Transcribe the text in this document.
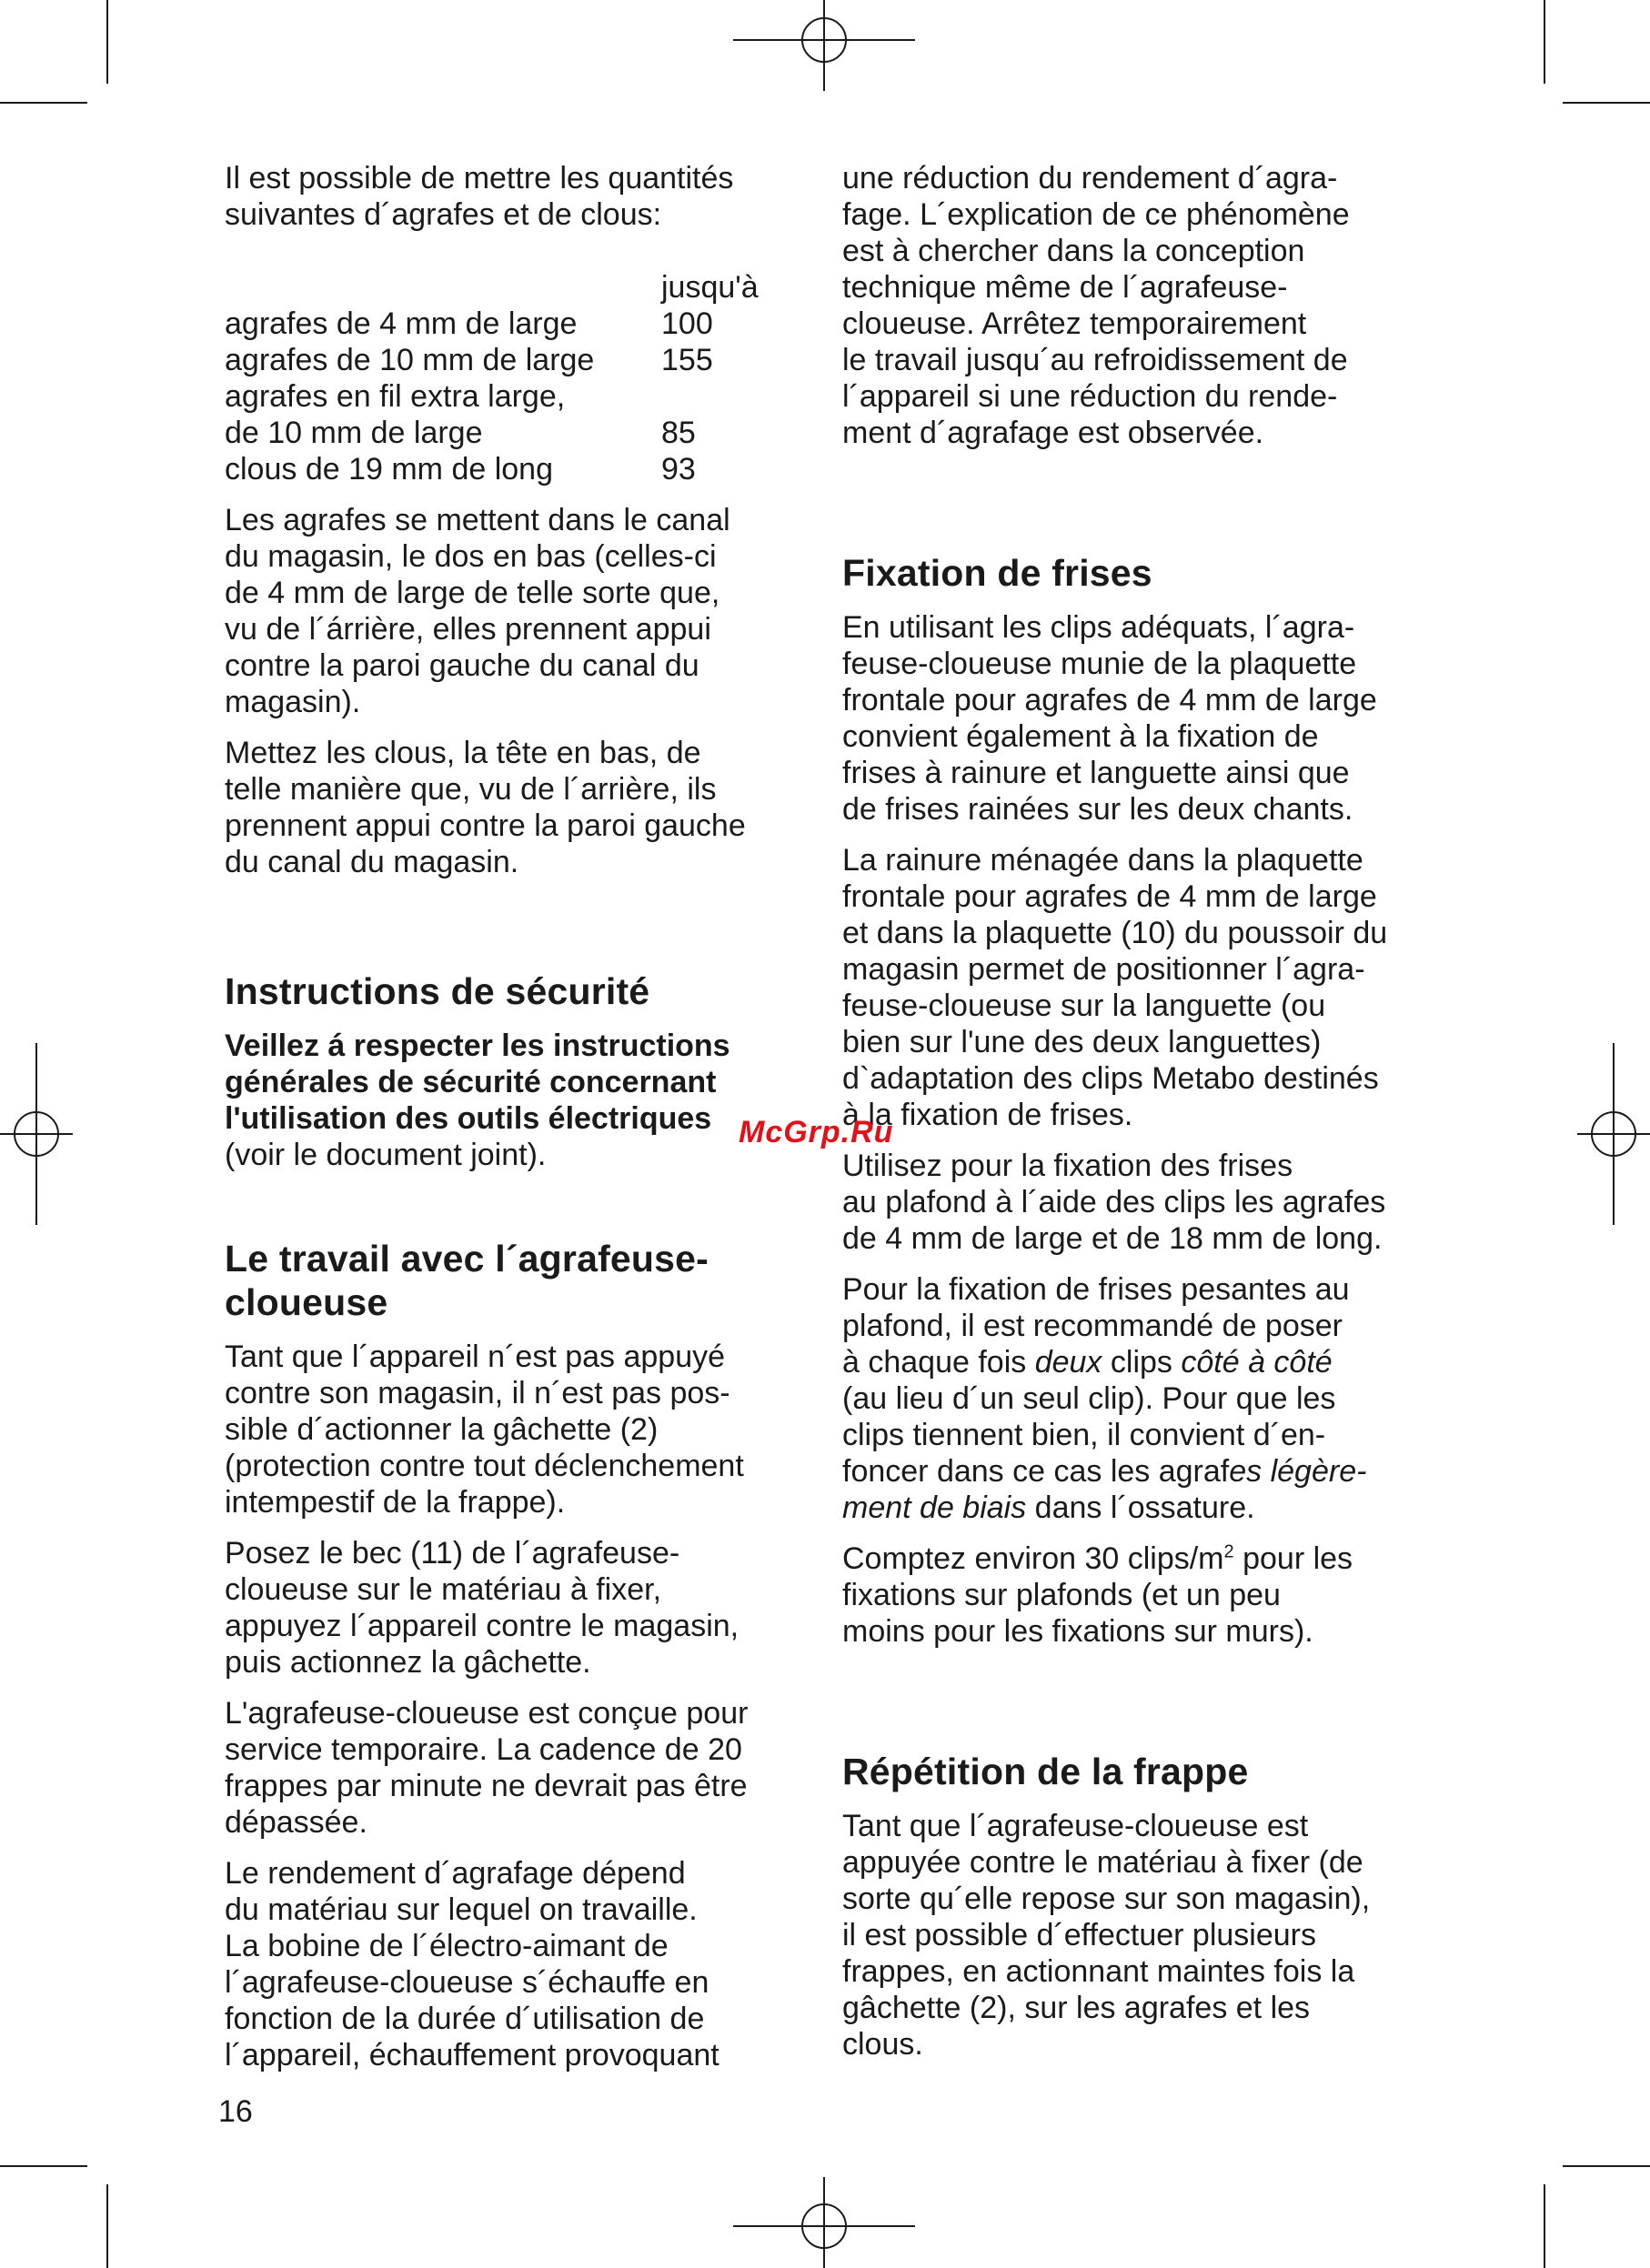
Il est possible de mettre les quantités
suivantes d´agrafes et de clous:

	jusqu'à
agrafes de 4 mm de large	100
agrafes de 10 mm de large	155
agrafes en fil extra large,	
de 10 mm de large	85
clous de 19 mm de long	93

Les agrafes se mettent dans le canal
du magasin, le dos en bas (celles-ci
de 4 mm de large de telle sorte que,
vu de l´árrière, elles prennent appui
contre la paroi gauche du canal du
magasin).

Mettez les clous, la tête en bas, de
telle manière que, vu de l´arrière, ils
prennent appui contre la paroi gauche
du canal du magasin.

Instructions de sécurité

Veillez á respecter les instructions
générales de sécurité concernant
l'utilisation des outils électriques

(voir le document joint).

Le travail avec l´agrafeuse-
cloueuse

Tant que l´appareil n´est pas appuyé
contre son magasin, il n´est pas pos-
sible d´actionner la gâchette (2)
(protection contre tout déclenchement
intempestif de la frappe).

Posez le bec (11) de l´agrafeuse-
cloueuse sur le matériau à fixer,
appuyez l´appareil contre le magasin,
puis actionnez la gâchette.

L'agrafeuse-cloueuse est conçue pour
service temporaire. La cadence de 20
frappes par minute ne devrait pas être
dépassée.

Le rendement d´agrafage dépend
du matériau sur lequel on travaille.
La bobine de l´électro-aimant de
l´agrafeuse-cloueuse s´échauffe en
fonction de la durée d´utilisation de
l´appareil, échauffement provoquant

une réduction du rendement d´agra-
fage. L´explication de ce phénomène
est à chercher dans la conception
technique même de l´agrafeuse-
cloueuse. Arrêtez temporairement
le travail jusqu´au refroidissement de
l´appareil si une réduction du rende-
ment d´agrafage est observée.

Fixation de frises

En utilisant les clips adéquats, l´agra-
feuse-cloueuse munie de la plaquette
frontale pour agrafes de 4 mm de large
convient également à la fixation de
frises à rainure et languette ainsi que
de frises rainées sur les deux chants.

La rainure ménagée dans la plaquette
frontale pour agrafes de 4 mm de large
et dans la plaquette (10) du poussoir du
magasin permet de positionner l´agra-
feuse-cloueuse sur la languette (ou
bien sur l'une des deux languettes)
d`adaptation des clips Metabo destinés
à la fixation de frises.

Utilisez pour la fixation des frises
au plafond à l´aide des clips les agrafes
de 4 mm de large et de 18 mm de long.

Pour la fixation de frises pesantes au
plafond, il est recommandé de poser
à chaque fois deux clips côté à côté
(au lieu d´un seul clip). Pour que les
clips tiennent bien, il convient d´en-
foncer dans ce cas les agrafes légère-
ment de biais dans l´ossature.

Comptez environ 30 clips/$m^2$ pour les
fixations sur plafonds (et un peu
moins pour les fixations sur murs).

Répétition de la frappe

Tant que l´agrafeuse-cloueuse est
appuyée contre le matériau à fixer (de
sorte qu´elle repose sur son magasin),
il est possible d´effectuer plusieurs
frappes, en actionnant maintes fois la
gâchette (2), sur les agrafes et les
clous.

16
McGrp.Ru
